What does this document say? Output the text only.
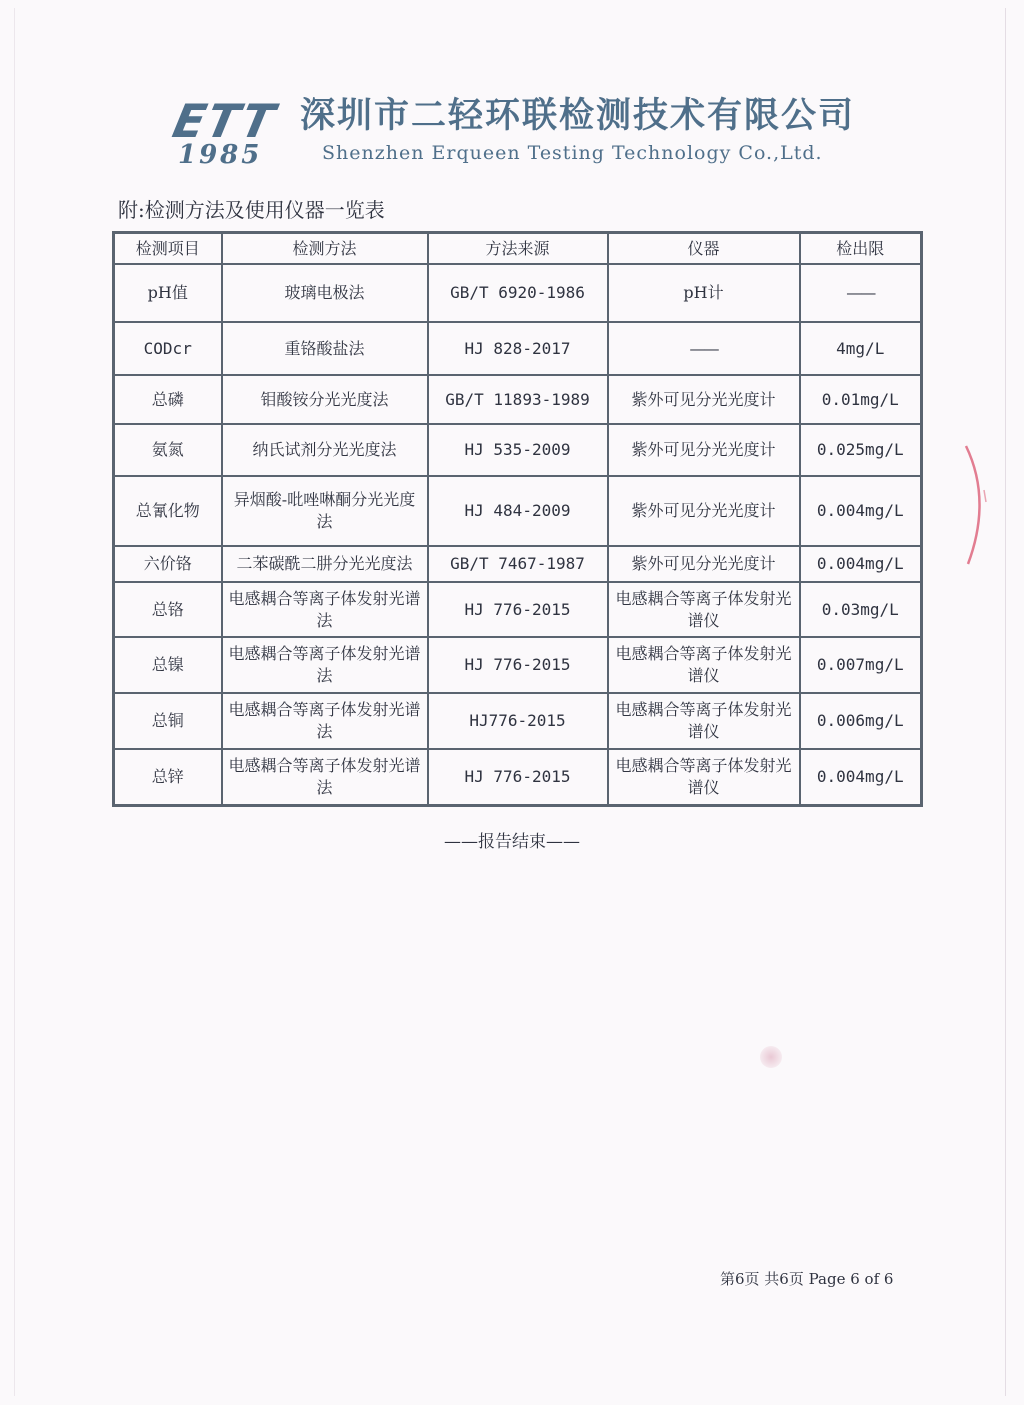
ETT
1985
深圳市二轻环联检测技术有限公司
Shenzhen Erqueen Testing Technology Co.,Ltd.
附:检测方法及使用仪器一览表
检测项目	检测方法	方法来源	仪器	检出限
pH值	玻璃电极法	GB/T 6920-1986	pH计	——
CODcr	重铬酸盐法	HJ 828-2017	——	4mg/L
总磷	钼酸铵分光光度法	GB/T 11893-1989	紫外可见分光光度计	0.01mg/L
氨氮	纳氏试剂分光光度法	HJ 535-2009	紫外可见分光光度计	0.025mg/L
总氰化物	异烟酸-吡唑啉酮分光光度法	HJ 484-2009	紫外可见分光光度计	0.004mg/L
六价铬	二苯碳酰二肼分光光度法	GB/T 7467-1987	紫外可见分光光度计	0.004mg/L
总铬	电感耦合等离子体发射光谱法	HJ 776-2015	电感耦合等离子体发射光谱仪	0.03mg/L
总镍	电感耦合等离子体发射光谱法	HJ 776-2015	电感耦合等离子体发射光谱仪	0.007mg/L
总铜	电感耦合等离子体发射光谱法	HJ776-2015	电感耦合等离子体发射光谱仪	0.006mg/L
总锌	电感耦合等离子体发射光谱法	HJ 776-2015	电感耦合等离子体发射光谱仪	0.004mg/L
——报告结束——
第6页 共6页 Page 6 of 6
